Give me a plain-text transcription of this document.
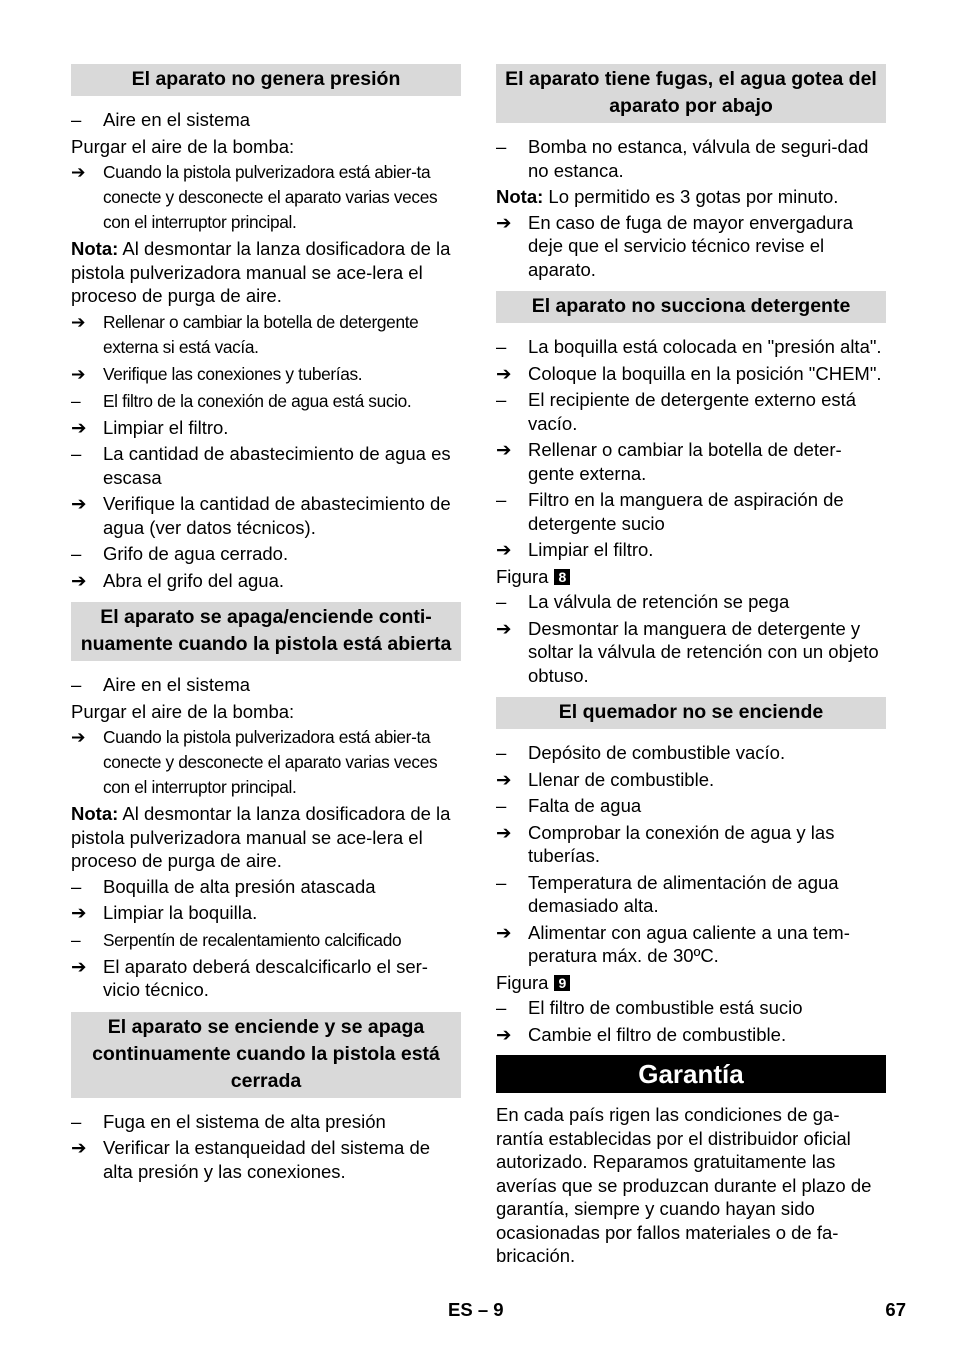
El aparato no genera presión
–	Aire en el sistema
Purgar el aire de la bomba:
➔	Cuando la pistola pulverizadora está abier-ta conecte y desconecte el aparato varias veces con el interruptor principal.
Nota: Al desmontar la lanza dosificadora de la pistola pulverizadora manual se ace-lera el proceso de purga de aire.
➔	Rellenar o cambiar la botella de detergente externa si está vacía.
➔	Verifique las conexiones y tuberías.
–	El filtro de la conexión de agua está sucio.
➔ Limpiar el filtro.
–	La cantidad de abastecimiento de agua es escasa
➔ Verifique la cantidad de abastecimiento de agua (ver datos técnicos).
–	Grifo de agua cerrado.
➔ Abra el grifo del agua.
El aparato se apaga/enciende conti-nuamente cuando la pistola está abierta
–	Aire en el sistema
Purgar el aire de la bomba:
➔	Cuando la pistola pulverizadora está abier-ta conecte y desconecte el aparato varias veces con el interruptor principal.
Nota: Al desmontar la lanza dosificadora de la pistola pulverizadora manual se ace-lera el proceso de purga de aire.
–	Boquilla de alta presión atascada
➔ Limpiar la boquilla.
–	Serpentín de recalentamiento calcificado
➔ El aparato deberá descalcificarlo el ser-vicio técnico.
El aparato se enciende y se apaga continuamente cuando la pistola está cerrada
–	Fuga en el sistema de alta presión
➔ Verificar la estanqueidad del sistema de alta presión y las conexiones.
El aparato tiene fugas, el agua gotea del aparato por abajo
–	Bomba no estanca, válvula de seguri-dad no estanca.
Nota: Lo permitido es 3 gotas por minuto.
➔ En caso de fuga de mayor envergadura deje que el servicio técnico revise el aparato.
El aparato no succiona detergente
–	La boquilla está colocada en "presión alta".
➔ Coloque la boquilla en la posición "CHEM".
–	El recipiente de detergente externo está vacío.
➔ Rellenar o cambiar la botella de deter-gente externa.
–	Filtro en la manguera de aspiración de detergente sucio
➔ Limpiar el filtro.
Figura 8
–	La válvula de retención se pega
➔ Desmontar la manguera de detergente y soltar la válvula de retención con un objeto obtuso.
El quemador no se enciende
–	Depósito de combustible vacío.
➔ Llenar de combustible.
–	Falta de agua
➔ Comprobar la conexión de agua y las tuberías.
–	Temperatura de alimentación de agua demasiado alta.
➔ Alimentar con agua caliente a una tem-peratura máx. de 30ºC.
Figura 9
–	El filtro de combustible está sucio
➔ Cambie el filtro de combustible.
Garantía
En cada país rigen las condiciones de ga-rantía establecidas por el distribuidor oficial autorizado. Reparamos gratuitamente las averías que se produzcan durante el plazo de garantía, siempre y cuando hayan sido ocasionadas por fallos materiales o de fa-bricación.
ES – 9	67
